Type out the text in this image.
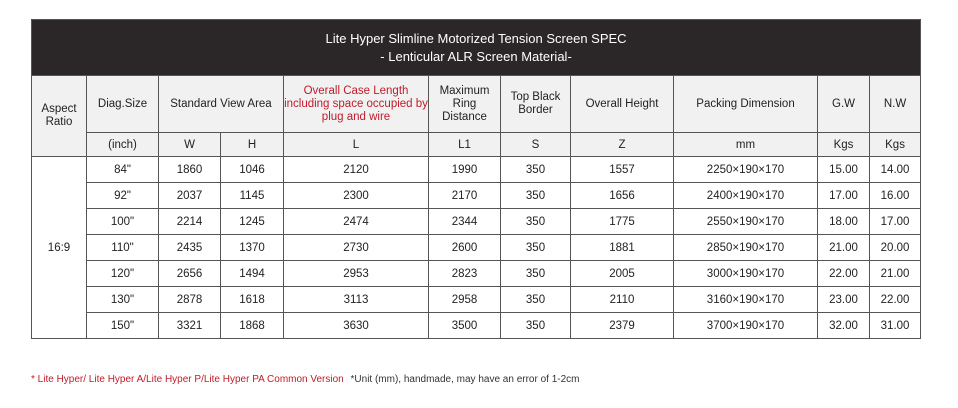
Lite Hyper Slimline Motorized Tension Screen SPEC
- Lenticular ALR Screen Material-										

Aspect Ratio	Diag.Size	Standard View Area		Overall Case Length including space occupied by plug and wire	Maximum Ring Distance	Top Black Border	Overall Height	Packing Dimension	G.W	N.W
	(inch)	W	H	L	L1	S	Z	mm	Kgs	Kgs
16:9	84"	1860	1046	2120	1990	350	1557	2250×190×170	15.00	14.00
	92"	2037	1145	2300	2170	350	1656	2400×190×170	17.00	16.00
	100"	2214	1245	2474	2344	350	1775	2550×190×170	18.00	17.00
	110"	2435	1370	2730	2600	350	1881	2850×190×170	21.00	20.00
	120"	2656	1494	2953	2823	350	2005	3000×190×170	22.00	21.00
	130"	2878	1618	3113	2958	350	2110	3160×190×170	23.00	22.00
	150"	3321	1868	3630	3500	350	2379	3700×190×170	32.00	31.00
* Lite Hyper/ Lite Hyper A/Lite Hyper P/Lite Hyper PA Common Version *Unit (mm), handmade, may have an error of 1-2cm
